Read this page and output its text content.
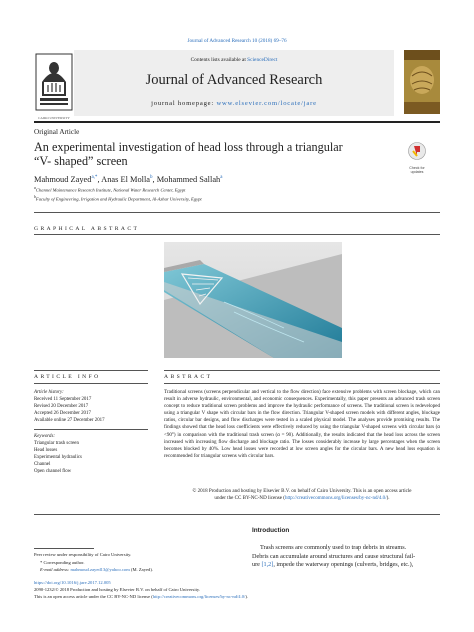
Journal of Advanced Research 10 (2018) 69–76
Contents lists available at ScienceDirect
Journal of Advanced Research
journal homepage: www.elsevier.com/locate/jare
CAIRO UNIVERSITY
Original Article
An experimental investigation of head loss through a triangular
“V- shaped” screen	Check for
updates
Mahmoud Zayed$^{a,*}$, Anas El Molla$^b$, Mohammed Sallah$^a$
$^a$Channel Maintenance Research Institute, National Water Research Center, Egypt
$^b$Faculty of Engineering, Irrigation and Hydraulic Department, Al-Azhar University, Egypt
GRAPHICAL ABSTRACT
ARTICLE INFO	ABSTRACT
Article history:
Received 11 September 2017
Revised 20 December 2017
Accepted 26 December 2017
Available online 27 December 2017
Keywords:
Triangular trash screen
Head losses
Experimental hydraulics
Channel
Open channel flow
Traditional screens (screens perpendicular and vertical to the flow direction) face extensive problems with screen blockage, which can result in adverse hydraulic, environmental, and economic consequences. Experimentally, this paper presents an advanced trash screen concept to reduce traditional screen problems and improve the hydraulic performance of screens. The traditional screen is redeveloped using a triangular V shape with circular bars in the flow direction. Triangular V-shaped screen models with different angles, blockage ratios, circular bar designs, and flow discharges were tested in a scaled physical model. The analyses provide promising results. The findings showed that the head loss coefficients were effectively reduced by using the triangular V-shaped screens with circular bars (α <90°) in comparison with the traditional trash screen (α = 90). Additionally, the results indicated that the head loss across the screen increased with increasing flow discharge and blockage ratio. The losses considerably increase by large percentages when the screen becomes blocked by 40%. Low head losses were recorded at low screen angles for the circular bars. A new head loss equation is recommended for triangular screens with circular bars.
© 2018 Production and hosting by Elsevier B.V. on behalf of Cairo University. This is an open access article
under the CC BY-NC-ND license (http://creativecommons.org/licenses/by-nc-nd/4.0/).
Introduction
Trash screens are commonly used to trap debris in streams.
Debris can accumulate around structures and cause structural fail-
ure [1,2], impede the waterway openings (culverts, bridges, etc.),
Peer review under responsibility of Cairo University.
* Corresponding author.
E-mail address: mahmoud.zayed13@yahoo.com (M. Zayed).
https://doi.org/10.1016/j.jare.2017.12.005
2090-1232/© 2018 Production and hosting by Elsevier B.V. on behalf of Cairo University.
This is an open access article under the CC BY-NC-ND license (http://creativecommons.org/licenses/by-nc-nd/4.0/).
